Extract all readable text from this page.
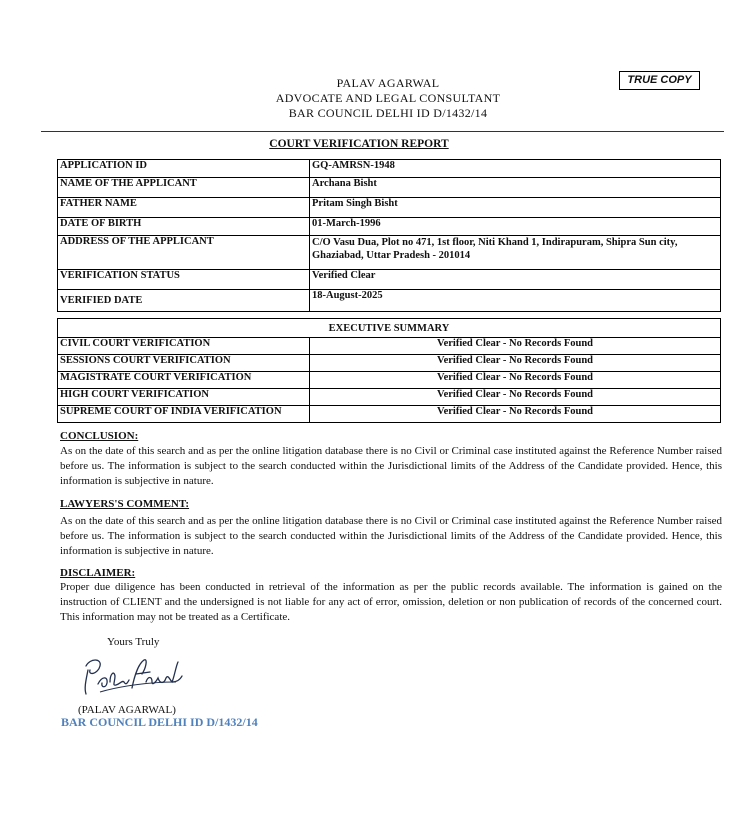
PALAV AGARWAL
ADVOCATE AND LEGAL CONSULTANT
BAR COUNCIL DELHI ID D/1432/14
TRUE COPY
COURT VERIFICATION REPORT
APPLICATION ID	GQ-AMRSN-1948
NAME OF THE APPLICANT	Archana Bisht
FATHER NAME	Pritam Singh Bisht
DATE OF BIRTH	01-March-1996
ADDRESS OF THE APPLICANT	C/O Vasu Dua, Plot no 471, 1st floor, Niti Khand 1, Indirapuram, Shipra Sun city, Ghaziabad, Uttar Pradesh - 201014
VERIFICATION STATUS	Verified Clear
VERIFIED DATE	18-August-2025
EXECUTIVE SUMMARY	
CIVIL COURT VERIFICATION	Verified Clear - No Records Found
SESSIONS COURT VERIFICATION	Verified Clear - No Records Found
MAGISTRATE COURT VERIFICATION	Verified Clear - No Records Found
HIGH COURT VERIFICATION	Verified Clear - No Records Found
SUPREME COURT OF INDIA VERIFICATION	Verified Clear - No Records Found
CONCLUSION:
As on the date of this search and as per the online litigation database there is no Civil or Criminal case instituted against the Reference Number raised before us. The information is subject to the search conducted within the Jurisdictional limits of the Address of the Candidate provided. Hence, this information is subjective in nature.
LAWYERS'S COMMENT:
As on the date of this search and as per the online litigation database there is no Civil or Criminal case instituted against the Reference Number raised before us. The information is subject to the search conducted within the Jurisdictional limits of the Address of the Candidate provided. Hence, this information is subjective in nature.
DISCLAIMER:
Proper due diligence has been conducted in retrieval of the information as per the public records available. The information is gained on the instruction of CLIENT and the undersigned is not liable for any act of error, omission, deletion or non publication of records of the concerned court. This information may not be treated as a Certificate.
Yours Truly
(PALAV AGARWAL)
BAR COUNCIL DELHI ID D/1432/14
